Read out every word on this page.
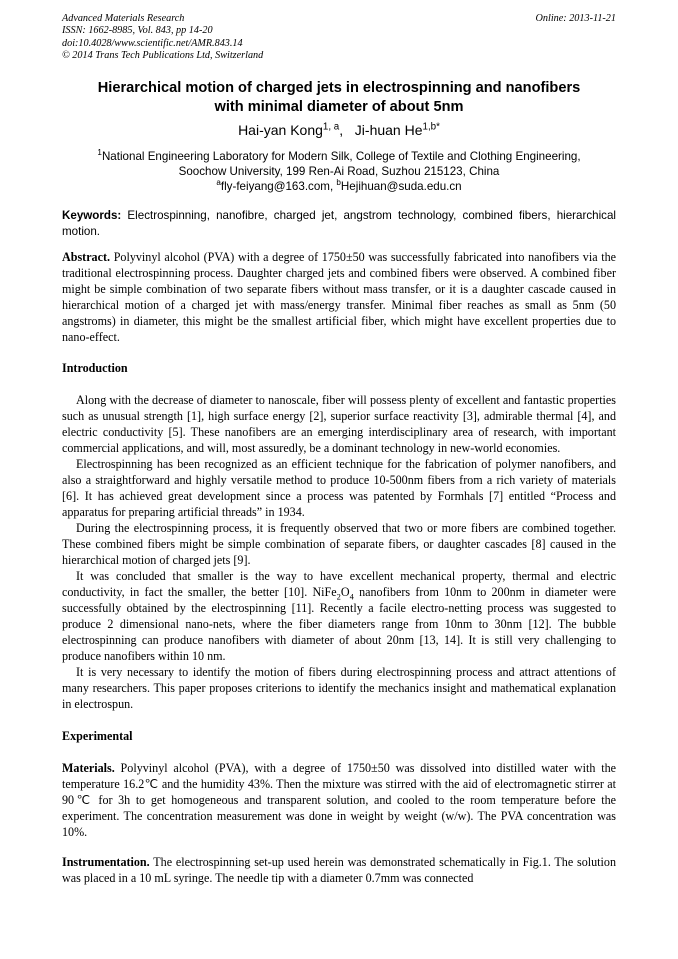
Advanced Materials Research
ISSN: 1662-8985, Vol. 843, pp 14-20
doi:10.4028/www.scientific.net/AMR.843.14
© 2014 Trans Tech Publications Ltd, Switzerland
Online: 2013-11-21
Hierarchical motion of charged jets in electrospinning and nanofibers
with minimal diameter of about 5nm
Hai-yan Kong$^{1, a}$,   Ji-huan $He^{1,b*}$
$^1$National Engineering Laboratory for Modern Silk, College of Textile and Clothing Engineering,
Soochow University, 199 Ren-Ai Road, Suzhou 215123, China
$^a$fly-feiyang@163.com, $^b$Hejihuan@suda.edu.cn
Keywords: Electrospinning, nanofibre, charged jet, angstrom technology, combined fibers, hierarchical motion.

Abstract. Polyvinyl alcohol (PVA) with a degree of 1750±50 was successfully fabricated into nanofibers via the traditional electrospinning process. Daughter charged jets and combined fibers were observed. A combined fiber might be simple combination of two separate fibers without mass transfer, or it is a daughter cascade caused in hierarchical motion of a charged jet with mass/energy transfer. Minimal fiber reaches as small as 5nm (50 angstroms) in diameter, this might be the smallest artificial fiber, which might have excellent properties due to nano-effect.

Introduction

Along with the decrease of diameter to nanoscale, fiber will possess plenty of excellent and fantastic properties such as unusual strength [1], high surface energy [2], superior surface reactivity [3], admirable thermal [4], and electric conductivity [5]. These nanofibers are an emerging interdisciplinary area of research, with important commercial applications, and will, most assuredly, be a dominant technology in new-world economies.

Electrospinning has been recognized as an efficient technique for the fabrication of polymer nanofibers, and also a straightforward and highly versatile method to produce 10-500nm fibers from a rich variety of materials [6]. It has achieved great development since a process was patented by Formhals [7] entitled “Process and apparatus for preparing artificial threads” in 1934.

During the electrospinning process, it is frequently observed that two or more fibers are combined together. These combined fibers might be simple combination of separate fibers, or daughter cascades [8] caused in the hierarchical motion of charged jets [9].

It was concluded that smaller is the way to have excellent mechanical property, thermal and electric conductivity, in fact the smaller, the better [10]. $NiFe_2O_4$ nanofibers from 10nm to 200nm in diameter were successfully obtained by the electrospinning [11]. Recently a facile electro-netting process was suggested to produce 2 dimensional nano-nets, where the fiber diameters range from 10nm to 30nm [12]. The bubble electrospinning can produce nanofibers with diameter of about 20nm [13, 14]. It is still very challenging to produce nanofibers within 10 nm.

It is very necessary to identify the motion of fibers during electrospinning process and attract attentions of many researchers. This paper proposes criterions to identify the mechanics insight and mathematical explanation in electrospun.

Experimental

Materials. Polyvinyl alcohol (PVA), with a degree of 1750±50 was dissolved into distilled water with the temperature 16.2℃ and the humidity 43%. Then the mixture was stirred with the aid of electromagnetic stirrer at 90℃ for 3h to get homogeneous and transparent solution, and cooled to the room temperature before the experiment. The concentration measurement was done in weight by weight (w/w). The PVA concentration was 10%.

Instrumentation. The electrospinning set-up used herein was demonstrated schematically in Fig.1. The solution was placed in a 10 mL syringe. The needle tip with a diameter 0.7mm was connected
